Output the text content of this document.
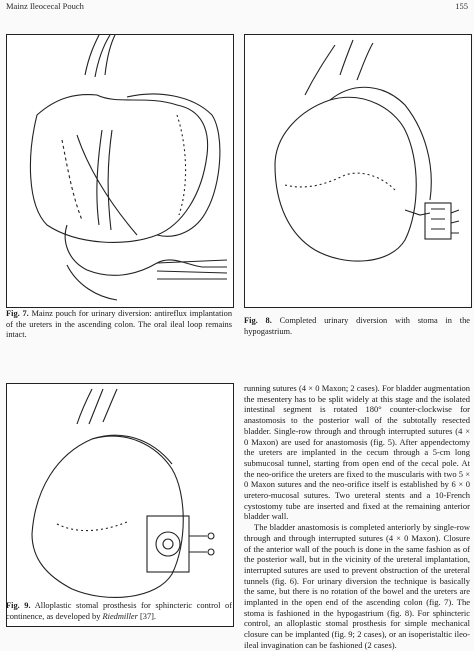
Mainz Ileocecal Pouch	155
Fig. 7. Mainz pouch for urinary diversion: antireflux implantation of the ureters in the ascending colon. The oral ileal loop remains intact.
Fig. 8. Completed urinary diversion with stoma in the hypogastrium.
Fig. 9. Alloplastic stomal prosthesis for sphincteric control of continence, as developed by Riedmiller [37].

running sutures (4 × 0 Maxon; 2 cases). For bladder augmentation the mesentery has to be split widely at this stage and the isolated intestinal segment is rotated 180° counter-clockwise for anastomosis to the posterior wall of the subtotally resected bladder. Single-row through and through interrupted sutures (4 × 0 Maxon) are used for anastomosis (fig. 5). After appendectomy the ureters are implanted in the cecum through a 5-cm long submucosal tunnel, starting from open end of the cecal pole. At the neo-orifice the ureters are fixed to the muscularis with two 5 × 0 Maxon sutures and the neo-orifice itself is established by 6 × 0 uretero-mucosal sutures. Two ureteral stents and a 10-French cystostomy tube are inserted and fixed at the remaining anterior bladder wall.

The bladder anastomosis is completed anteriorly by single-row through and through interrupted sutures (4 × 0 Maxon). Closure of the anterior wall of the pouch is done in the same fashion as of the posterior wall, but in the vicinity of the ureteral implantation, interrupted sutures are used to prevent obstruction of the ureteral tunnels (fig. 6). For urinary diversion the technique is basically the same, but there is no rotation of the bowel and the ureters are implanted in the open end of the ascending colon (fig. 7). The stoma is fashioned in the hypogastrium (fig. 8). For sphincteric control, an alloplastic stomal prosthesis for simple mechanical closure can be implanted (fig. 9; 2 cases), or an isoperistaltic ileo-ileal invagination can be fashioned (2 cases).
